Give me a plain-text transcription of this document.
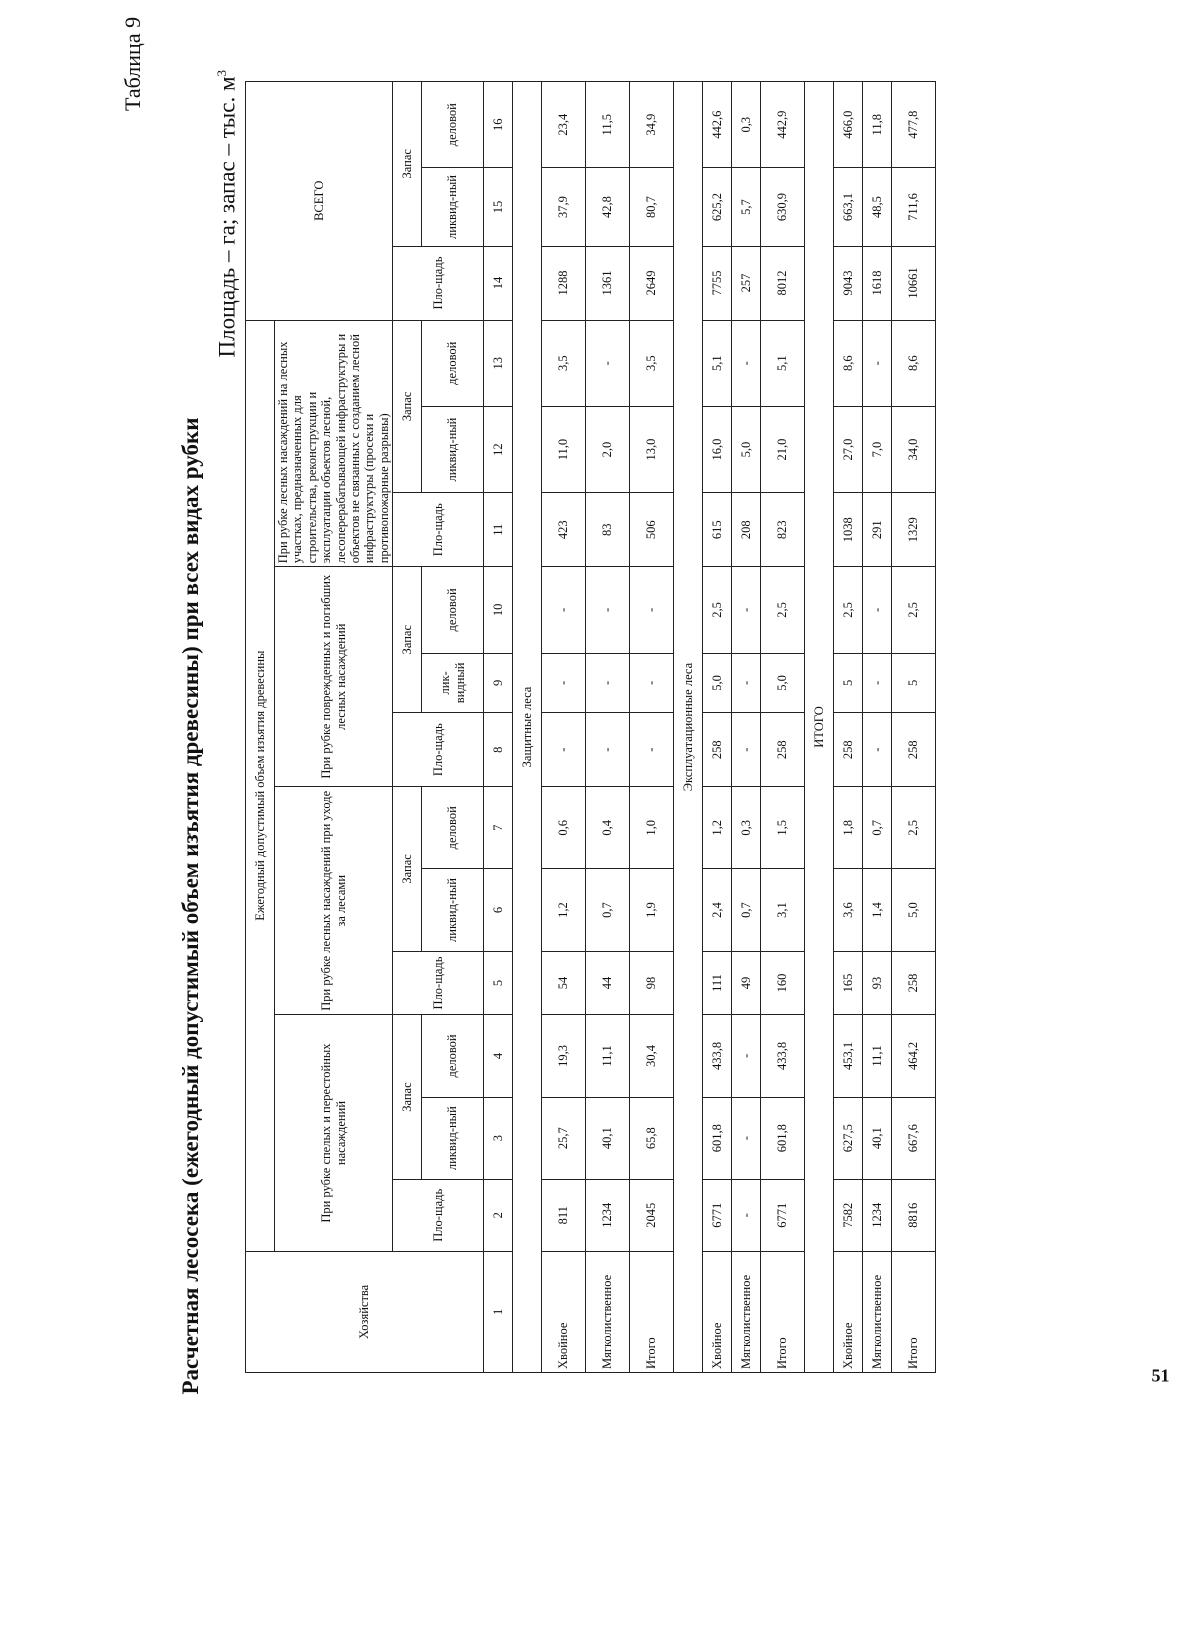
Таблица 9
Расчетная лесосека (ежегодный допустимый объем изъятия древесины) при всех видах рубки
Площадь – га; запас – тыс. $м^3$
Хозяйства	Ежегодный допустимый объем изъятия древесины												ВСЕГО		
	При рубке спелых и перестойных насаждений			При рубке лесных насаждений при уходе за лесами			При рубке поврежденных и погибших лесных насаждений			При рубке лесных насаждений на лесных участках, предназначенных для строительства, реконструкции и эксплуатации объектов лесной, лесоперерабатывающей инфраструктуры и объектов не связанных с созданием лесной инфраструктуры (просеки и противопожарные разрывы)					
	Пло-щадь	Запас		Пло-щадь	Запас		Пло-щадь	Запас		Пло-щадь	Запас		Пло-щадь	Запас	
		ликвид-ный	деловой		ликвид-ный	деловой		лик-видный	деловой		ликвид-ный	деловой		ликвид-ный	деловой
1	2	3	4	5	6	7	8	9	10	11	12	13	14	15	16
Защитные леса															
Хвойное	811	25,7	19,3	54	1,2	0,6	-	-	-	423	11,0	3,5	1288	37,9	23,4
Мягколиственное	1234	40,1	11,1	44	0,7	0,4	-	-	-	83	2,0	-	1361	42,8	11,5
Итого	2045	65,8	30,4	98	1,9	1,0	-	-	-	506	13,0	3,5	2649	80,7	34,9
Эксплуатационные леса															
Хвойное	6771	601,8	433,8	111	2,4	1,2	258	5,0	2,5	615	16,0	5,1	7755	625,2	442,6
Мягколиственное	-	-	-	49	0,7	0,3	-	-	-	208	5,0	-	257	5,7	0,3
Итого	6771	601,8	433,8	160	3,1	1,5	258	5,0	2,5	823	21,0	5,1	8012	630,9	442,9
ИТОГО															
Хвойное	7582	627,5	453,1	165	3,6	1,8	258	5	2,5	1038	27,0	8,6	9043	663,1	466,0
Мягколиственное	1234	40,1	11,1	93	1,4	0,7	-	-	-	291	7,0	-	1618	48,5	11,8
Итого	8816	667,6	464,2	258	5,0	2,5	258	5	2,5	1329	34,0	8,6	10661	711,6	477,8
51
